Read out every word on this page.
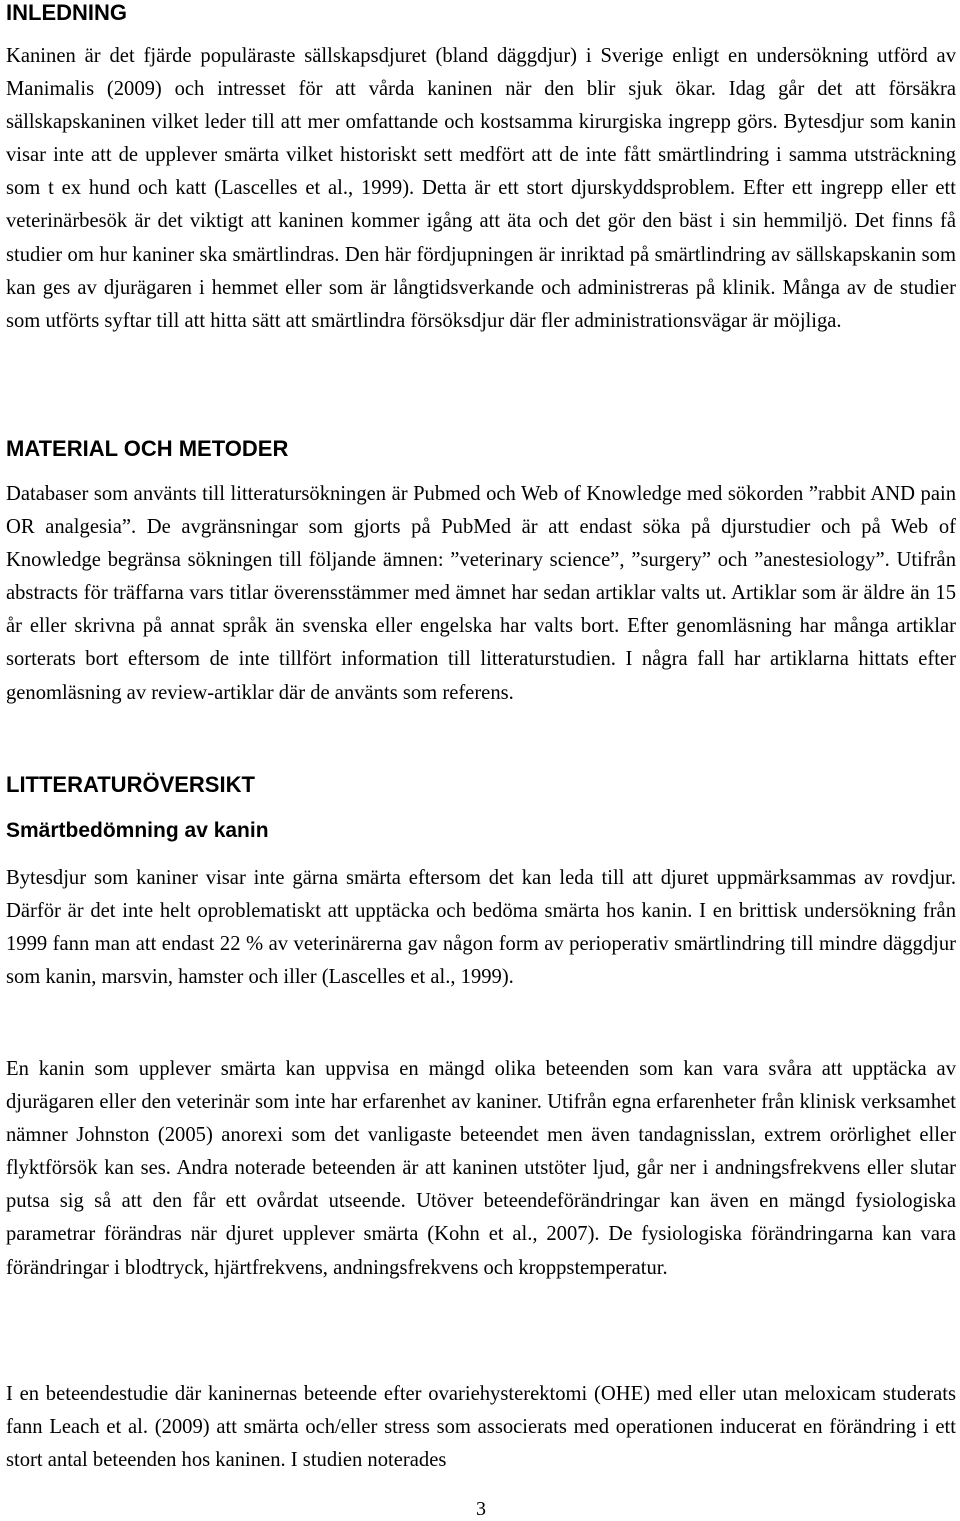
INLEDNING

Kaninen är det fjärde populäraste sällskapsdjuret (bland däggdjur) i Sverige enligt en undersökning utförd av Manimalis (2009) och intresset för att vårda kaninen när den blir sjuk ökar. Idag går det att försäkra sällskapskaninen vilket leder till att mer omfattande och kostsamma kirurgiska ingrepp görs. Bytesdjur som kanin visar inte att de upplever smärta vilket historiskt sett medfört att de inte fått smärtlindring i samma utsträckning som t ex hund och katt (Lascelles et al., 1999). Detta är ett stort djurskyddsproblem. Efter ett ingrepp eller ett veterinärbesök är det viktigt att kaninen kommer igång att äta och det gör den bäst i sin hemmiljö. Det finns få studier om hur kaniner ska smärtlindras. Den här fördjupningen är inriktad på smärtlindring av sällskapskanin som kan ges av djurägaren i hemmet eller som är långtidsverkande och administreras på klinik. Många av de studier som utförts syftar till att hitta sätt att smärtlindra försöksdjur där fler administrationsvägar är möjliga.

MATERIAL OCH METODER

Databaser som använts till litteratursökningen är Pubmed och Web of Knowledge med sökorden ”rabbit AND pain OR analgesia”. De avgränsningar som gjorts på PubMed är att endast söka på djurstudier och på Web of Knowledge begränsa sökningen till följande ämnen: ”veterinary science”, ”surgery” och ”anestesiology”. Utifrån abstracts för träffarna vars titlar överensstämmer med ämnet har sedan artiklar valts ut. Artiklar som är äldre än 15 år eller skrivna på annat språk än svenska eller engelska har valts bort. Efter genomläsning har många artiklar sorterats bort eftersom de inte tillfört information till litteraturstudien. I några fall har artiklarna hittats efter genomläsning av review-artiklar där de använts som referens.

LITTERATURÖVERSIKT
Smärtbedömning av kanin

Bytesdjur som kaniner visar inte gärna smärta eftersom det kan leda till att djuret uppmärksammas av rovdjur. Därför är det inte helt oproblematiskt att upptäcka och bedöma smärta hos kanin. I en brittisk undersökning från 1999 fann man att endast 22 % av veterinärerna gav någon form av perioperativ smärtlindring till mindre däggdjur som kanin, marsvin, hamster och iller (Lascelles et al., 1999).

En kanin som upplever smärta kan uppvisa en mängd olika beteenden som kan vara svåra att upptäcka av djurägaren eller den veterinär som inte har erfarenhet av kaniner. Utifrån egna erfarenheter från klinisk verksamhet nämner Johnston (2005) anorexi som det vanligaste beteendet men även tandagnisslan, extrem orörlighet eller flyktförsök kan ses. Andra noterade beteenden är att kaninen utstöter ljud, går ner i andningsfrekvens eller slutar putsa sig så att den får ett ovårdat utseende. Utöver beteendeförändringar kan även en mängd fysiologiska parametrar förändras när djuret upplever smärta (Kohn et al., 2007). De fysiologiska förändringarna kan vara förändringar i blodtryck, hjärtfrekvens, andningsfrekvens och kroppstemperatur.

I en beteendestudie där kaninernas beteende efter ovariehysterektomi (OHE) med eller utan meloxicam studerats fann Leach et al. (2009) att smärta och/eller stress som associerats med operationen inducerat en förändring i ett stort antal beteenden hos kaninen. I studien noterades

3
